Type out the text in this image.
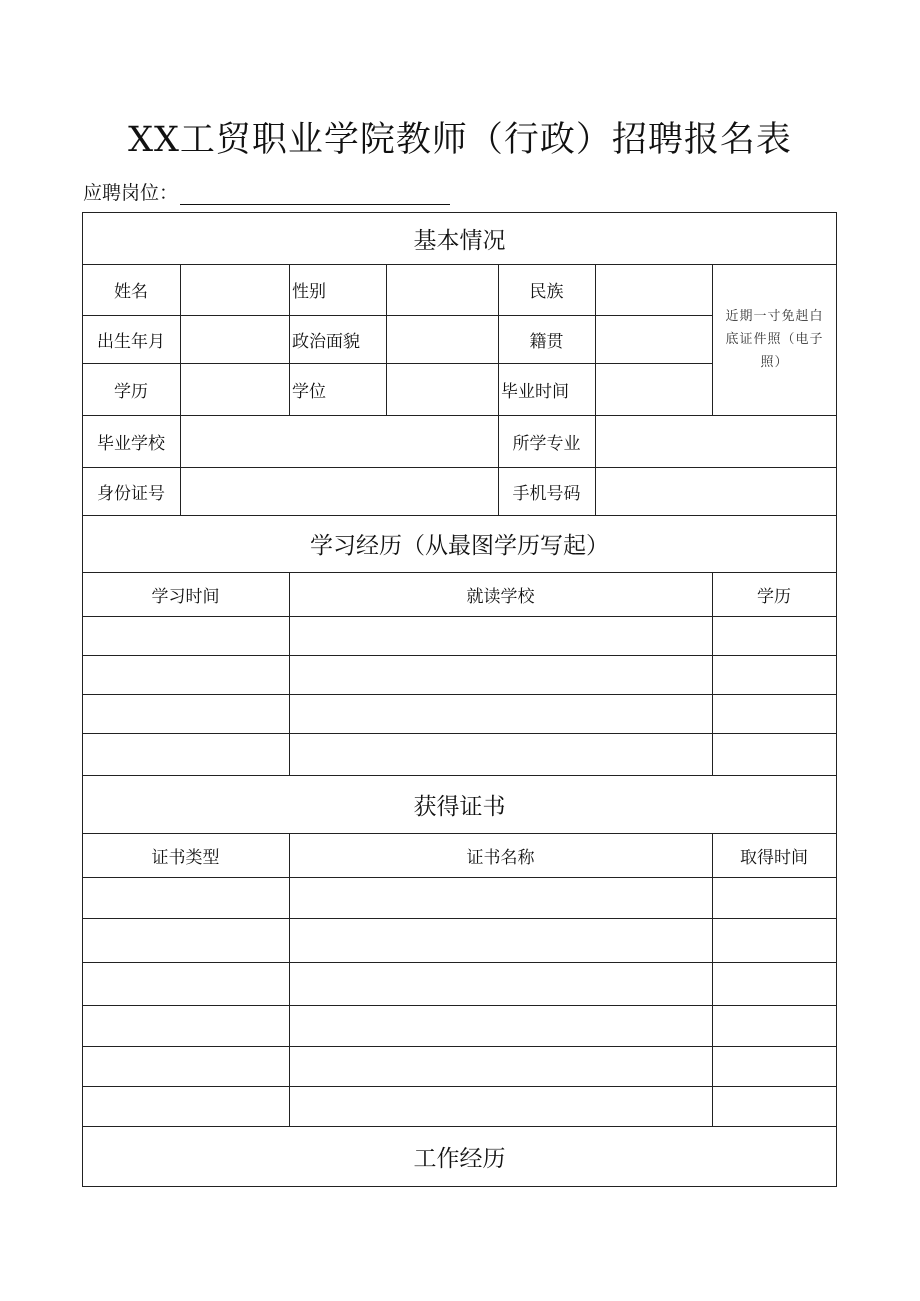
XX工贸职业学院教师（行政）招聘报名表
应聘岗位：
基本情况
姓名	性别	民族
出生年月	政治面貌	籍贯
学历	学位	毕业时间
近期一寸免赳白底证件照（电子照）
毕业学校	所学专业
身份证号	手机号码
学习经历（从最图学历写起）
学习时间	就读学校	学历
获得证书
证书类型	证书名称	取得时间
工作经历
